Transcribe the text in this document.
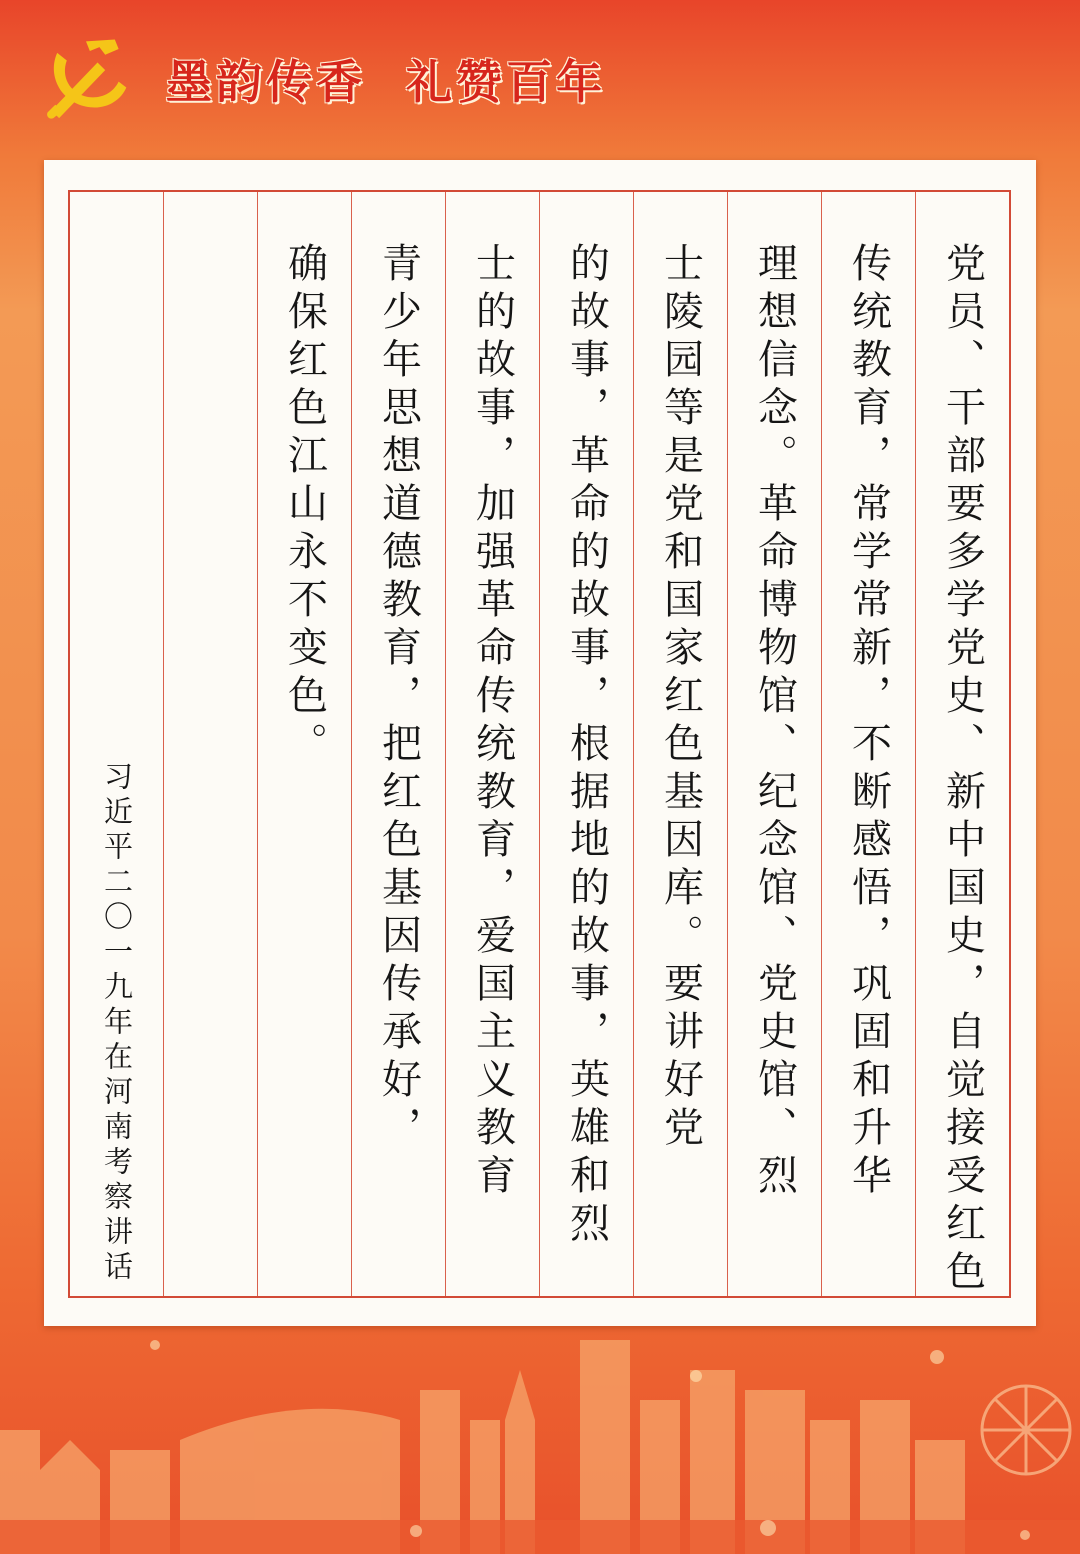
墨韵传香 礼赞百年
党员、干部要多学党史、新中国史，自觉接受红色
传统教育，常学常新，不断感悟，巩固和升华
理想信念。革命博物馆、纪念馆、党史馆、烈
士陵园等是党和国家红色基因库。要讲好党
的故事，革命的故事，根据地的故事，英雄和烈
士的故事，加强革命传统教育，爱国主义教育
青少年思想道德教育，把红色基因传承好，
确保红色江山永不变色。
习近平二〇一九年在河南考察讲话
